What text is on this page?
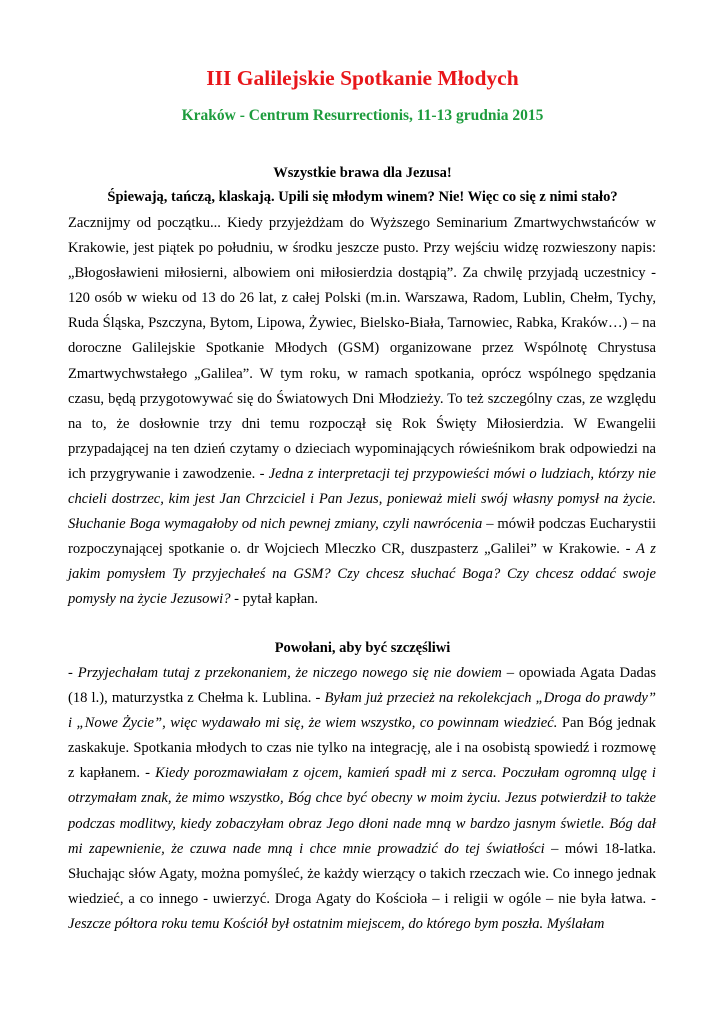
III Galilejskie Spotkanie Młodych
Kraków - Centrum Resurrectionis, 11-13 grudnia 2015
Wszystkie brawa dla Jezusa!
Śpiewają, tańczą, klaskają. Upili się młodym winem? Nie! Więc co się z nimi stało?
Zacznijmy od początku... Kiedy przyjeżdżam do Wyższego Seminarium Zmartwychwstańców w Krakowie, jest piątek po południu, w środku jeszcze pusto. Przy wejściu widzę rozwieszony napis: „Błogosławieni miłosierni, albowiem oni miłosierdzia dostąpią”. Za chwilę przyjadą uczestnicy - 120 osób w wieku od 13 do 26 lat, z całej Polski (m.in. Warszawa, Radom, Lublin, Chełm, Tychy, Ruda Śląska, Pszczyna, Bytom, Lipowa, Żywiec, Bielsko-Biała, Tarnowiec, Rabka, Kraków…) – na doroczne Galilejskie Spotkanie Młodych (GSM) organizowane przez Wspólnotę Chrystusa Zmartwychwstałego „Galilea”. W tym roku, w ramach spotkania, oprócz wspólnego spędzania czasu, będą przygotowywać się do Światowych Dni Młodzieży. To też szczególny czas, ze względu na to, że dosłownie trzy dni temu rozpoczął się Rok Święty Miłosierdzia. W Ewangelii przypadającej na ten dzień czytamy o dzieciach wypominających rówieśnikom brak odpowiedzi na ich przygrywanie i zawodzenie. - Jedna z interpretacji tej przypowieści mówi o ludziach, którzy nie chcieli dostrzec, kim jest Jan Chrzciciel i Pan Jezus, ponieważ mieli swój własny pomysł na życie. Słuchanie Boga wymagałoby od nich pewnej zmiany, czyli nawrócenia – mówił podczas Eucharystii rozpoczynającej spotkanie o. dr Wojciech Mleczko CR, duszpasterz „Galilei” w Krakowie. - A z jakim pomysłem Ty przyjechałeś na GSM? Czy chcesz słuchać Boga? Czy chcesz oddać swoje pomysły na życie Jezusowi? - pytał kapłan.
Powołani, aby być szczęśliwi
- Przyjechałam tutaj z przekonaniem, że niczego nowego się nie dowiem – opowiada Agata Dadas (18 l.), maturzystka z Chełma k. Lublina. - Byłam już przecież na rekolekcjach „Droga do prawdy” i „Nowe Życie”, więc wydawało mi się, że wiem wszystko, co powinnam wiedzieć. Pan Bóg jednak zaskakuje. Spotkania młodych to czas nie tylko na integrację, ale i na osobistą spowiedź i rozmowę z kapłanem. - Kiedy porozmawiałam z ojcem, kamień spadł mi z serca. Poczułam ogromną ulgę i otrzymałam znak, że mimo wszystko, Bóg chce być obecny w moim życiu. Jezus potwierdził to także podczas modlitwy, kiedy zobaczyłam obraz Jego dłoni nade mną w bardzo jasnym świetle. Bóg dał mi zapewnienie, że czuwa nade mną i chce mnie prowadzić do tej światłości – mówi 18-latka. Słuchając słów Agaty, można pomyśleć, że każdy wierzący o takich rzeczach wie. Co innego jednak wiedzieć, a co innego - uwierzyć. Droga Agaty do Kościoła – i religii w ogóle – nie była łatwa. - Jeszcze półtora roku temu Kościół był ostatnim miejscem, do którego bym poszła. Myślałam
